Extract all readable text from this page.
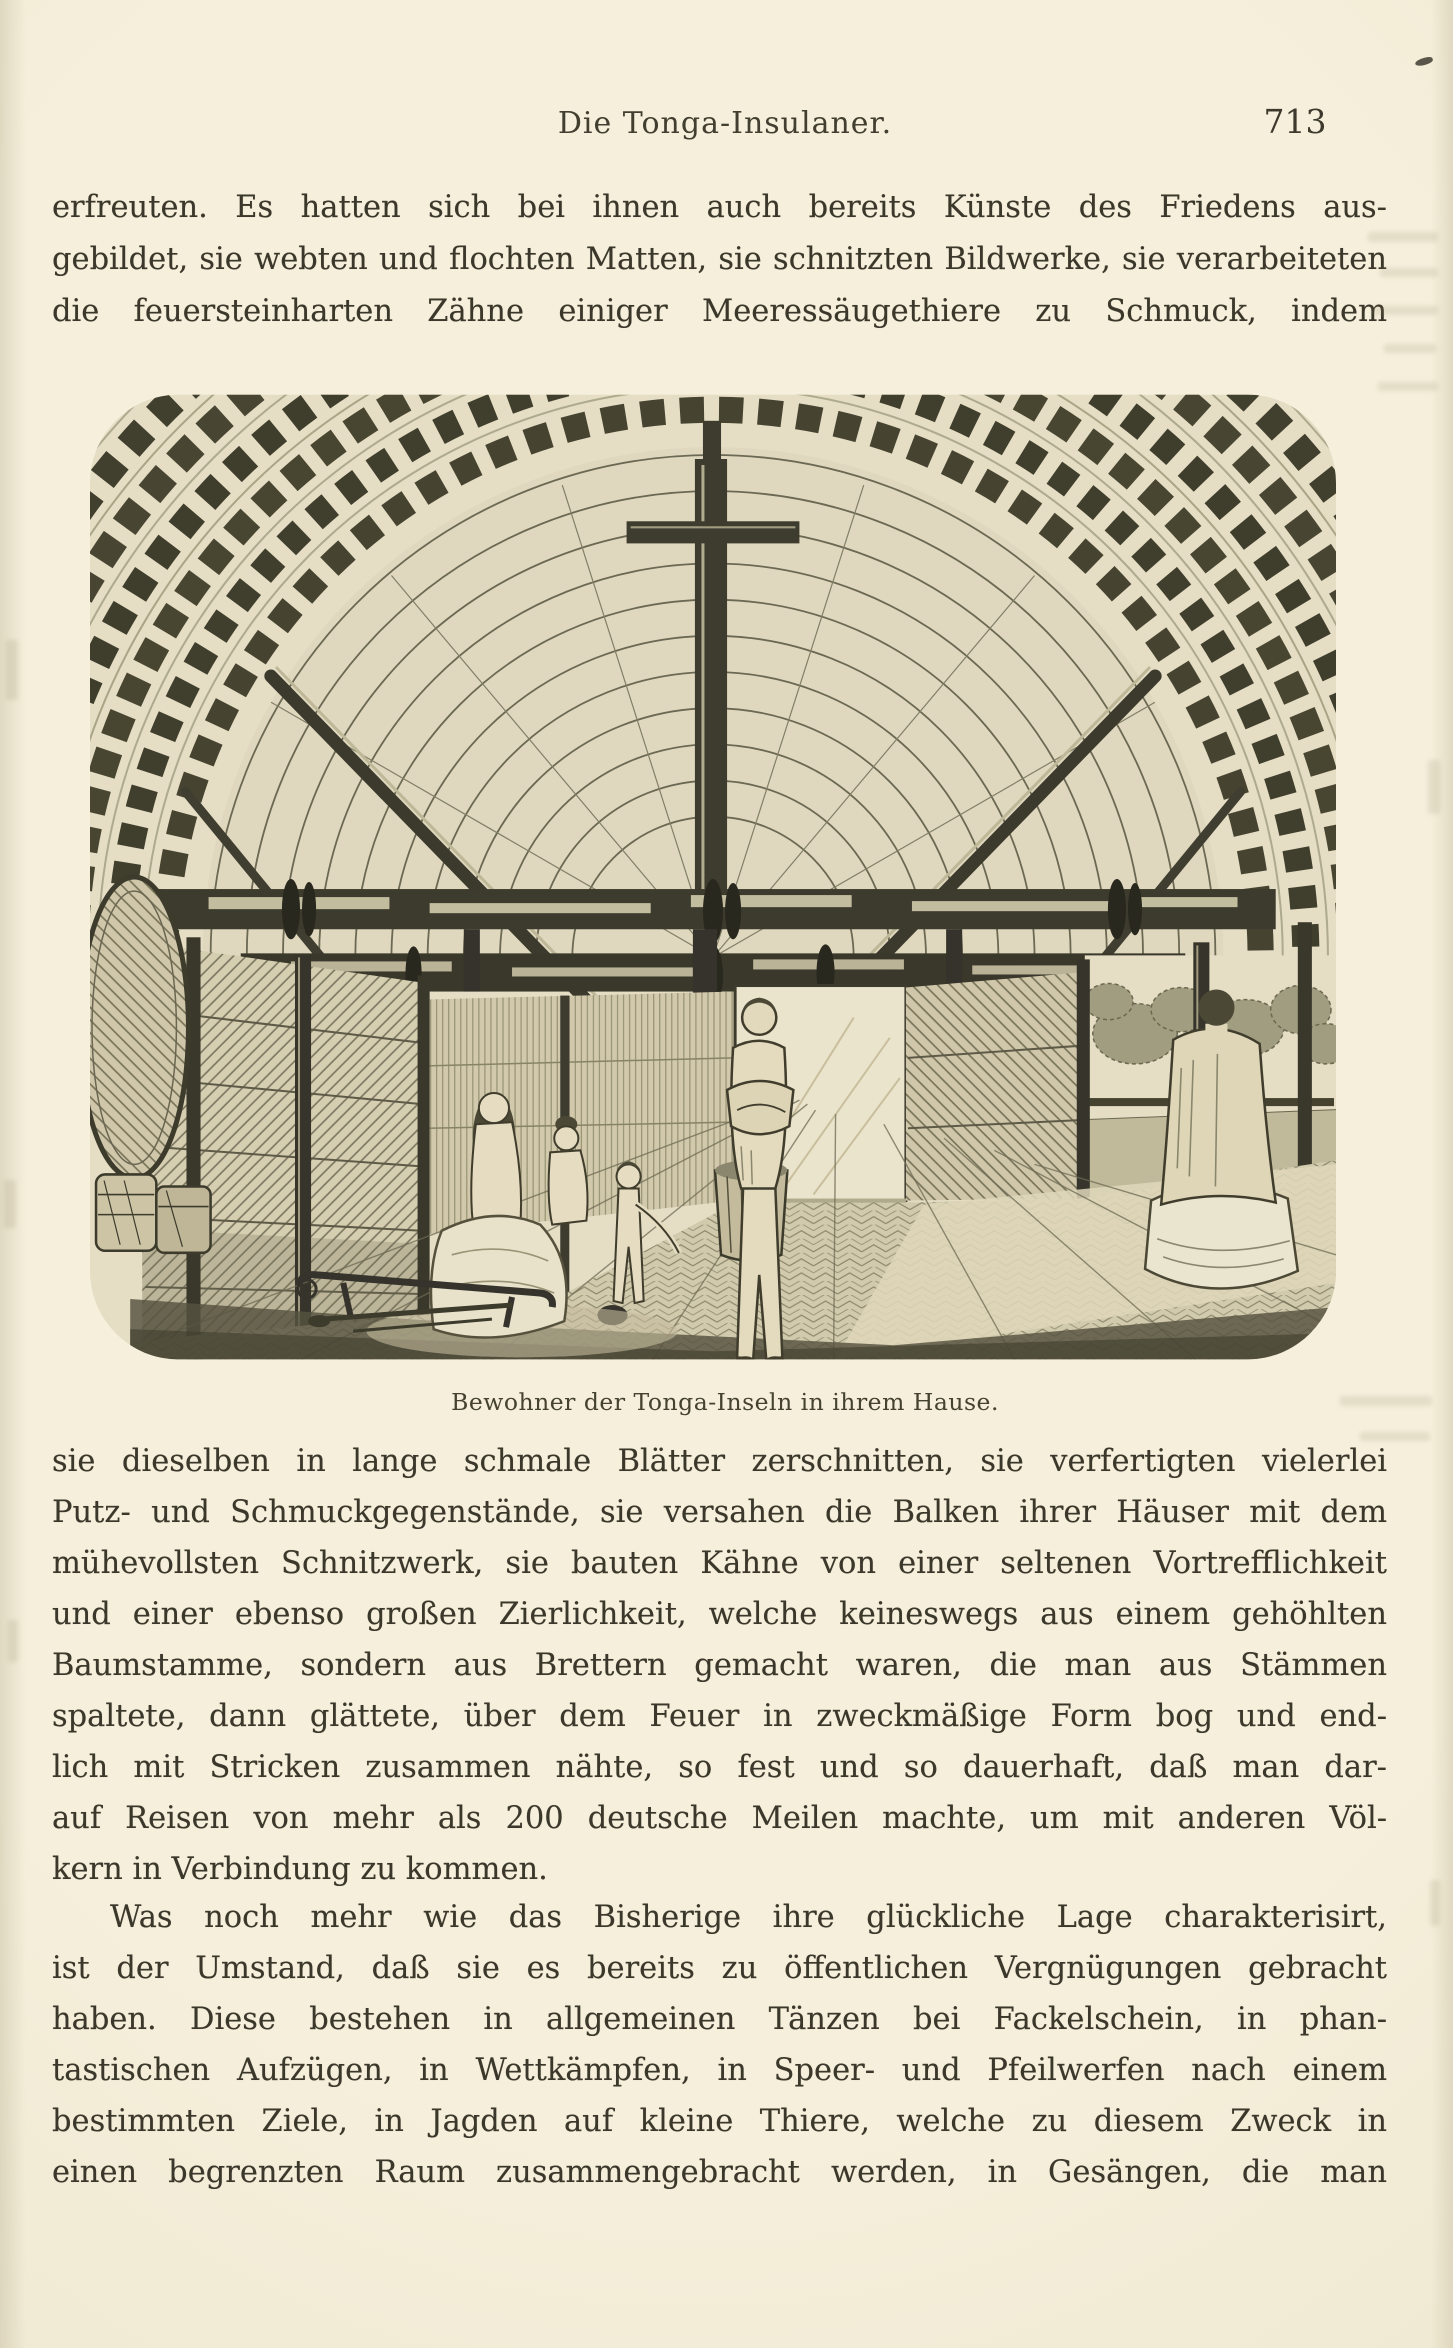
Die Tonga-Insulaner.	713
erfreuten. Es hatten sich bei ihnen auch bereits Künste des Friedens aus-
gebildet, sie webten und flochten Matten, sie schnitzten Bildwerke, sie verarbeiteten
die feuersteinharten Zähne einiger Meeressäugethiere zu Schmuck, indem
Bewohner der Tonga-Inseln in ihrem Hause.
sie dieselben in lange schmale Blätter zerschnitten, sie verfertigten vielerlei
Putz- und Schmuckgegenstände, sie versahen die Balken ihrer Häuser mit dem
mühevollsten Schnitzwerk, sie bauten Kähne von einer seltenen Vortrefflichkeit
und einer ebenso großen Zierlichkeit, welche keineswegs aus einem gehöhlten
Baumstamme, sondern aus Brettern gemacht waren, die man aus Stämmen
spaltete, dann glättete, über dem Feuer in zweckmäßige Form bog und end-
lich mit Stricken zusammen nähte, so fest und so dauerhaft, daß man dar-
auf Reisen von mehr als 200 deutsche Meilen machte, um mit anderen Völ-
kern in Verbindung zu kommen.
Was noch mehr wie das Bisherige ihre glückliche Lage charakterisirt,
ist der Umstand, daß sie es bereits zu öffentlichen Vergnügungen gebracht
haben. Diese bestehen in allgemeinen Tänzen bei Fackelschein, in phan-
tastischen Aufzügen, in Wettkämpfen, in Speer- und Pfeilwerfen nach einem
bestimmten Ziele, in Jagden auf kleine Thiere, welche zu diesem Zweck in
einen begrenzten Raum zusammengebracht werden, in Gesängen, die man
